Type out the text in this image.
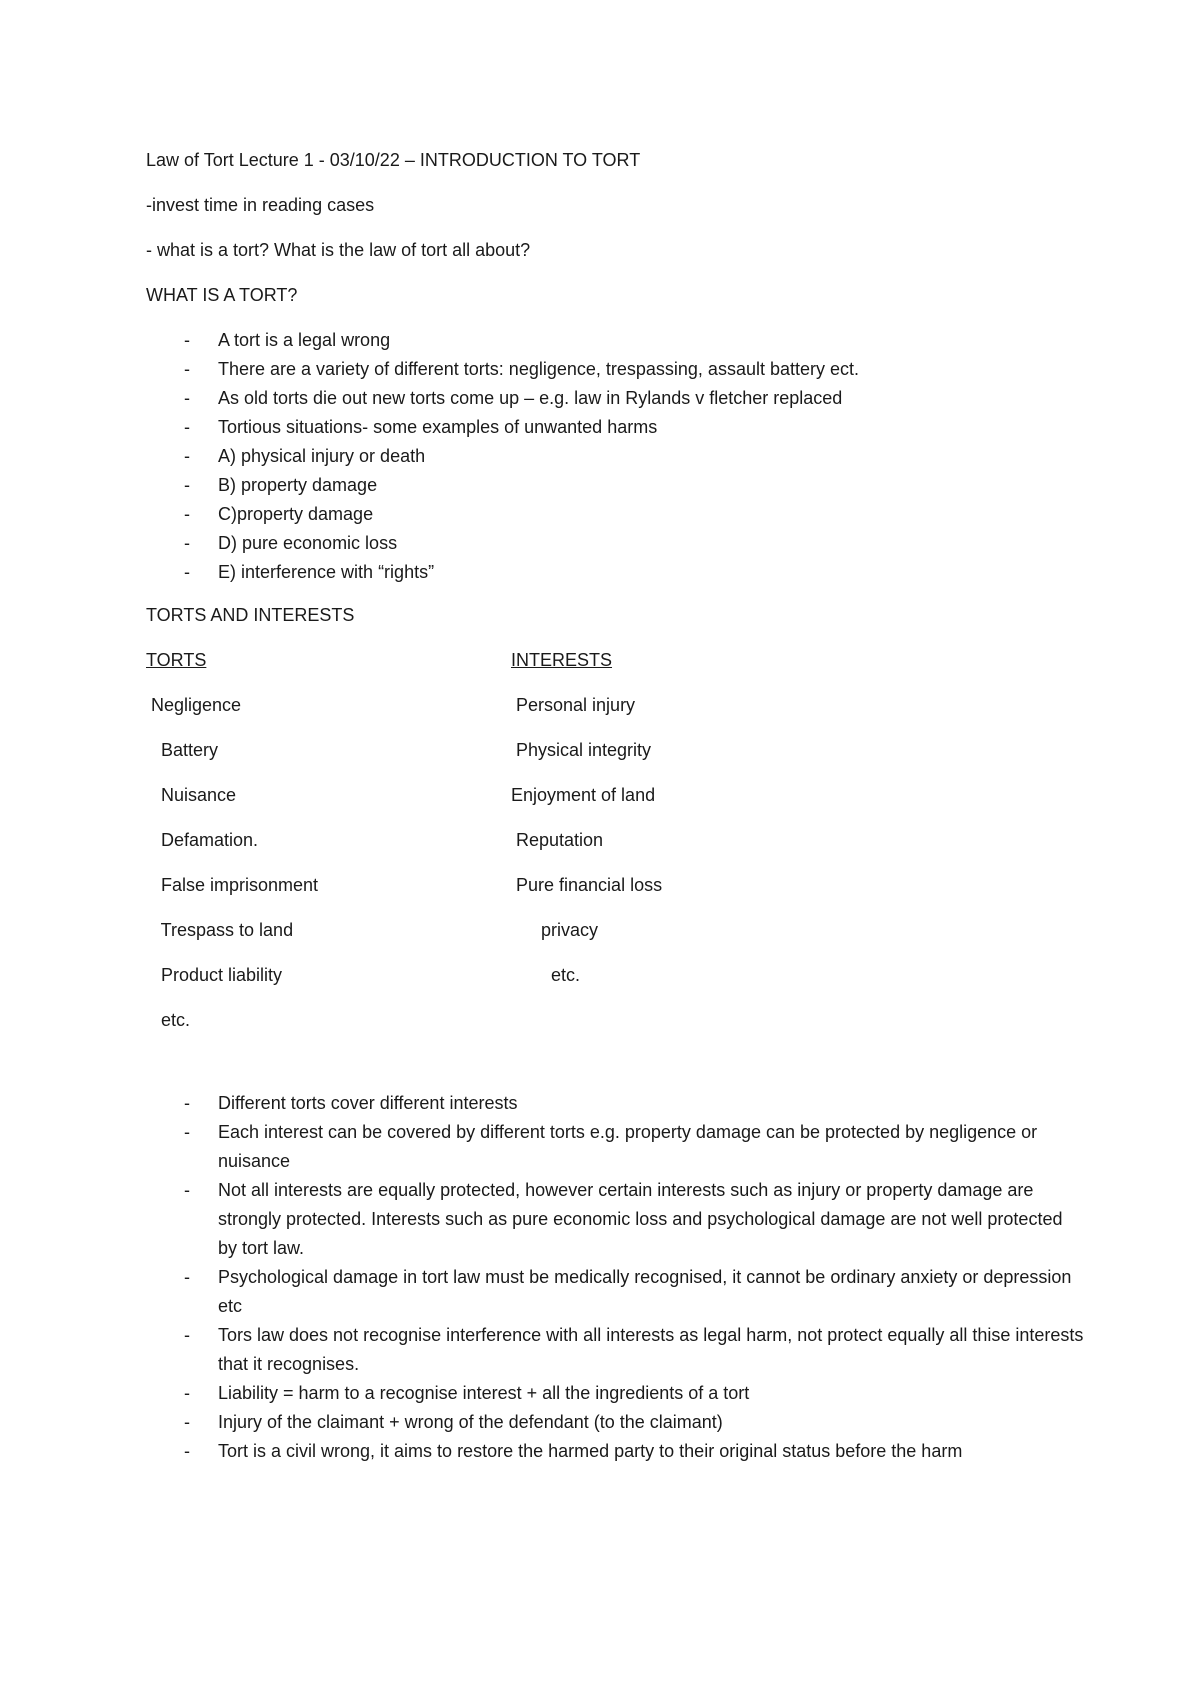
Law of Tort Lecture 1 - 03/10/22 – INTRODUCTION TO TORT

-invest time in reading cases

- what is a tort? What is the law of tort all about?

WHAT IS A TORT?

- A tort is a legal wrong
- There are a variety of different torts: negligence, trespassing, assault battery ect.
- As old torts die out new torts come up – e.g. law in Rylands v fletcher replaced
- Tortious situations- some examples of unwanted harms
- A) physical injury or death
- B) property damage
- C)property damage
- D) pure economic loss
- E) interference with “rights”

TORTS AND INTERESTS

TORTS	INTERESTS
Negligence	Personal injury
Battery	Physical integrity
Nuisance	Enjoyment of land
Defamation.	Reputation
False imprisonment	Pure financial loss
Trespass to land	privacy
Product liability	etc.
etc.
- Different torts cover different interests
- Each interest can be covered by different torts e.g. property damage can be protected by negligence or nuisance
- Not all interests are equally protected, however certain interests such as injury or property damage are strongly protected. Interests such as pure economic loss and psychological damage are not well protected by tort law.
- Psychological damage in tort law must be medically recognised, it cannot be ordinary anxiety or depression etc
- Tors law does not recognise interference with all interests as legal harm, not protect equally all thise interests that it recognises.
- Liability = harm to a recognise interest + all the ingredients of a tort
- Injury of the claimant + wrong of the defendant (to the claimant)
- Tort is a civil wrong, it aims to restore the harmed party to their original status before the harm
